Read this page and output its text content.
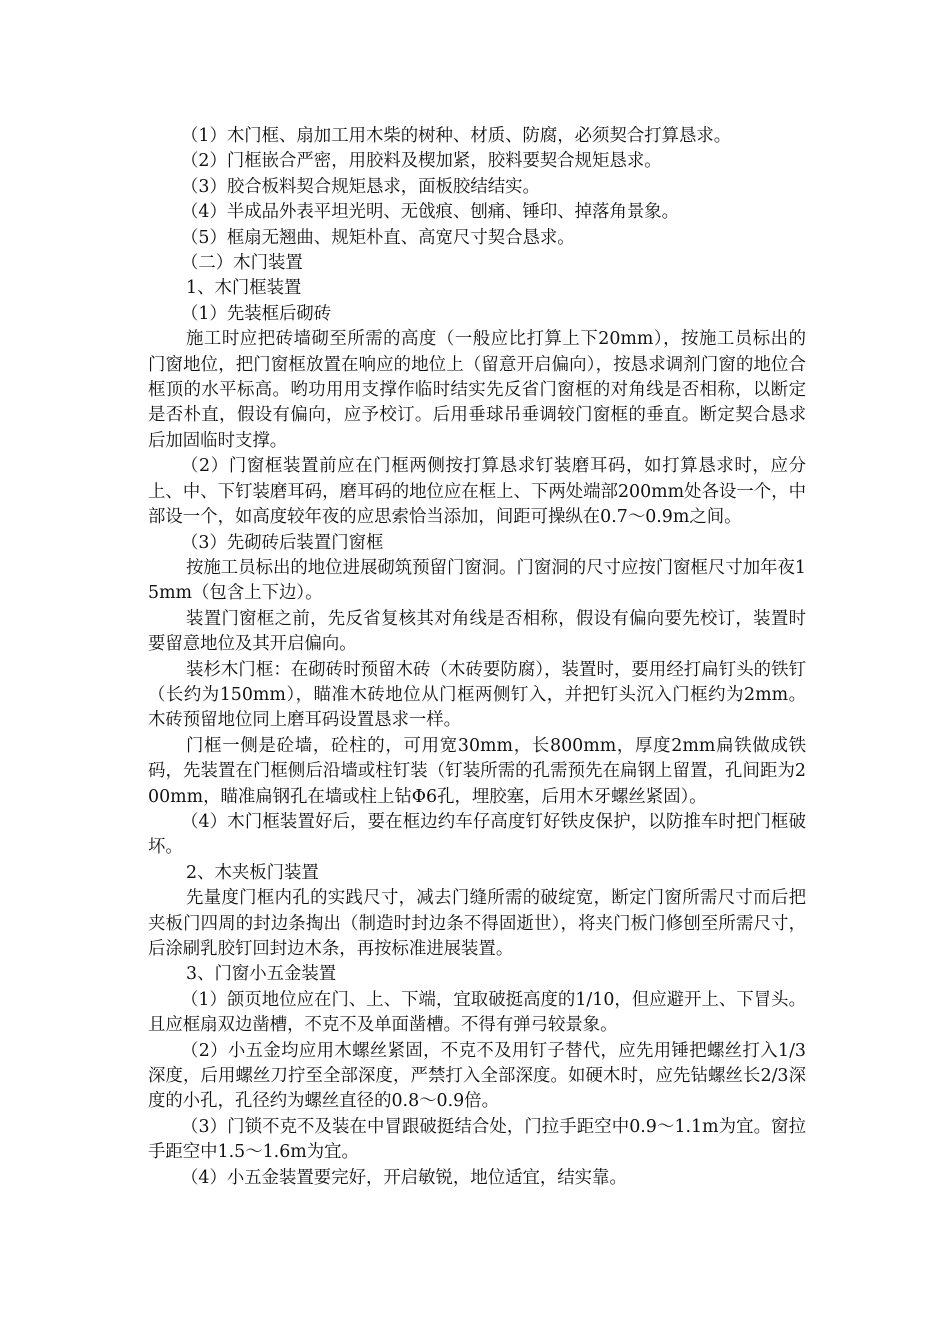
（1）木门框、扇加工用木柴的树种、材质、防腐，必须契合打算恳求。

（2）门框嵌合严密，用胶料及楔加紧，胶料要契合规矩恳求。

（3）胶合板料契合规矩恳求，面板胶结结实。

（4）半成品外表平坦光明、无戗痕、刨痛、锤印、掉落角景象。

（5）框扇无翘曲、规矩朴直、高宽尺寸契合恳求。

（二）木门装置

1、木门框装置

（1）先装框后砌砖

施工时应把砖墙砌至所需的高度（一般应比打算上下20mm），按施工员标出的门窗地位，把门窗框放置在响应的地位上（留意开启偏向），按恳求调剂门窗的地位合框顶的水平标高。哟功用用支撑作临时结实先反省门窗框的对角线是否相称，以断定是否朴直，假设有偏向，应予校订。后用垂球吊垂调较门窗框的垂直。断定契合恳求后加固临时支撑。

（2）门窗框装置前应在门框两侧按打算恳求钉装磨耳码，如打算恳求时，应分上、中、下钉装磨耳码，磨耳码的地位应在框上、下两处端部200mm处各设一个，中部设一个，如高度较年夜的应思索恰当添加，间距可操纵在0.7～0.9m之间。

（3）先砌砖后装置门窗框

按施工员标出的地位进展砌筑预留门窗洞。门窗洞的尺寸应按门窗框尺寸加年夜15mm（包含上下边）。

装置门窗框之前，先反省复核其对角线是否相称，假设有偏向要先校订，装置时要留意地位及其开启偏向。

装杉木门框：在砌砖时预留木砖（木砖要防腐），装置时，要用经打扁钉头的铁钉（长约为150mm），瞄准木砖地位从门框两侧钉入，并把钉头沉入门框约为2mm。木砖预留地位同上磨耳码设置恳求一样。

门框一侧是砼墙，砼柱的，可用宽30mm，长800mm，厚度2mm扁铁做成铁码，先装置在门框侧后沿墙或柱钉装（钉装所需的孔需预先在扁钢上留置，孔间距为200mm，瞄准扁钢孔在墙或柱上钻Φ6孔，埋胶塞，后用木牙螺丝紧固）。

（4）木门框装置好后，要在框边约车仔高度钉好铁皮保护，以防推车时把门框破坏。

2、木夹板门装置

先量度门框内孔的实践尺寸，减去门缝所需的破绽宽，断定门窗所需尺寸而后把夹板门四周的封边条掏出（制造时封边条不得固逝世），将夹门板门修刨至所需尺寸，后涂刷乳胶钉回封边木条，再按标准进展装置。

3、门窗小五金装置

（1）颌页地位应在门、上、下端，宜取破挺高度的1/10，但应避开上、下冒头。且应框扇双边凿槽，不克不及单面凿槽。不得有弹弓较景象。

（2）小五金均应用木螺丝紧固，不克不及用钉子替代，应先用锤把螺丝打入1/3深度，后用螺丝刀拧至全部深度，严禁打入全部深度。如硬木时，应先钻螺丝长2/3深度的小孔，孔径约为螺丝直径的0.8～0.9倍。

（3）门锁不克不及装在中冒跟破挺结合处，门拉手距空中0.9～1.1m为宜。窗拉手距空中1.5～1.6m为宜。

（4）小五金装置要完好，开启敏锐，地位适宜，结实靠。
